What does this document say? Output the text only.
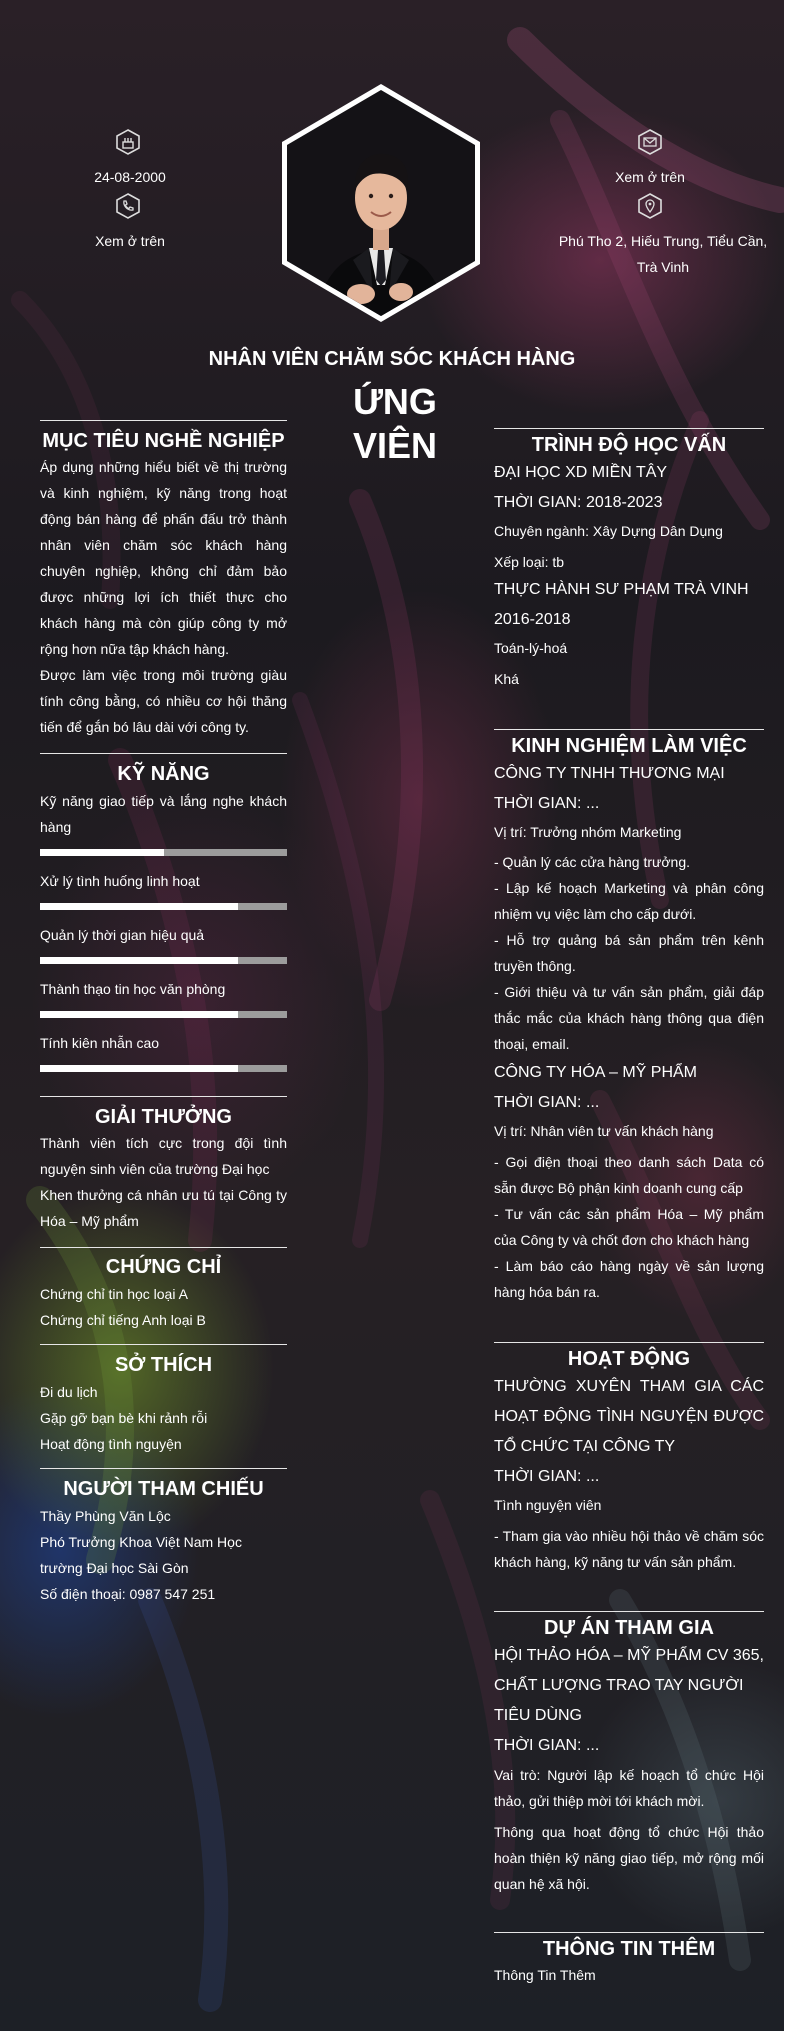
24-08-2000
Xem ở trên
Xem ở trên
Phú Tho 2, Hiếu Trung, Tiểu Cần, Trà Vinh
NHÂN VIÊN CHĂM SÓC KHÁCH HÀNG
ỨNG
VIÊN
MỤC TIÊU NGHỀ NGHIỆP
Áp dụng những hiểu biết về thị trường và kinh nghiệm, kỹ năng trong hoạt động bán hàng để phấn đấu trở thành nhân viên chăm sóc khách hàng chuyên nghiệp, không chỉ đảm bảo được những lợi ích thiết thực cho khách hàng mà còn giúp công ty mở rộng hơn nữa tập khách hàng.
Được làm việc trong môi trường giàu tính công bằng, có nhiều cơ hội thăng tiến để gắn bó lâu dài với công ty.
KỸ NĂNG
Kỹ năng giao tiếp và lắng nghe khách hàng
Xử lý tình huống linh hoạt
Quản lý thời gian hiệu quả
Thành thạo tin học văn phòng
Tính kiên nhẫn cao
GIẢI THƯỞNG
Thành viên tích cực trong đội tình nguyện sinh viên của trường Đại học
Khen thưởng cá nhân ưu tú tại Công ty Hóa – Mỹ phẩm
CHỨNG CHỈ
Chứng chỉ tin học loại A
Chứng chỉ tiếng Anh loại B
SỞ THÍCH
Đi du lịch
Gặp gỡ bạn bè khi rảnh rỗi
Hoạt động tình nguyện
NGƯỜI THAM CHIẾU
Thầy Phùng Văn Lộc
Phó Trưởng Khoa Việt Nam Học trường Đại học Sài Gòn
Số điện thoại: 0987 547 251
TRÌNH ĐỘ HỌC VẤN
ĐẠI HỌC XD MIỀN TÂY
THỜI GIAN: 2018-2023
Chuyên ngành: Xây Dựng Dân Dụng
Xếp loại: tb
THỰC HÀNH SƯ PHẠM TRÀ VINH
2016-2018
Toán-lý-hoá
Khá
KINH NGHIỆM LÀM VIỆC
CÔNG TY TNHH THƯƠNG MẠI
THỜI GIAN: ...
Vị trí: Trưởng nhóm Marketing
- Quản lý các cửa hàng trưởng.
- Lập kế hoạch Marketing và phân công nhiệm vụ việc làm cho cấp dưới.
- Hỗ trợ quảng bá sản phẩm trên kênh truyền thông.
- Giới thiệu và tư vấn sản phẩm, giải đáp thắc mắc của khách hàng thông qua điện thoại, email.
CÔNG TY HÓA – MỸ PHẨM
THỜI GIAN: ...
Vị trí: Nhân viên tư vấn khách hàng
- Gọi điện thoại theo danh sách Data có sẵn được Bộ phận kinh doanh cung cấp
- Tư vấn các sản phẩm Hóa – Mỹ phẩm của Công ty và chốt đơn cho khách hàng
- Làm báo cáo hàng ngày về sản lượng hàng hóa bán ra.
HOẠT ĐỘNG
THƯỜNG XUYÊN THAM GIA CÁC HOẠT ĐỘNG TÌNH NGUYỆN ĐƯỢC TỔ CHỨC TẠI CÔNG TY
THỜI GIAN: ...
Tình nguyện viên
- Tham gia vào nhiều hội thảo về chăm sóc khách hàng, kỹ năng tư vấn sản phẩm.
DỰ ÁN THAM GIA
HỘI THẢO HÓA – MỸ PHẨM CV 365, CHẤT LƯỢNG TRAO TAY NGƯỜI TIÊU DÙNG
THỜI GIAN: ...
Vai trò: Người lập kế hoạch tổ chức Hội thảo, gửi thiệp mời tới khách mời.
Thông qua hoạt động tổ chức Hội thảo hoàn thiện kỹ năng giao tiếp, mở rộng mối quan hệ xã hội.
THÔNG TIN THÊM
Thông Tin Thêm
